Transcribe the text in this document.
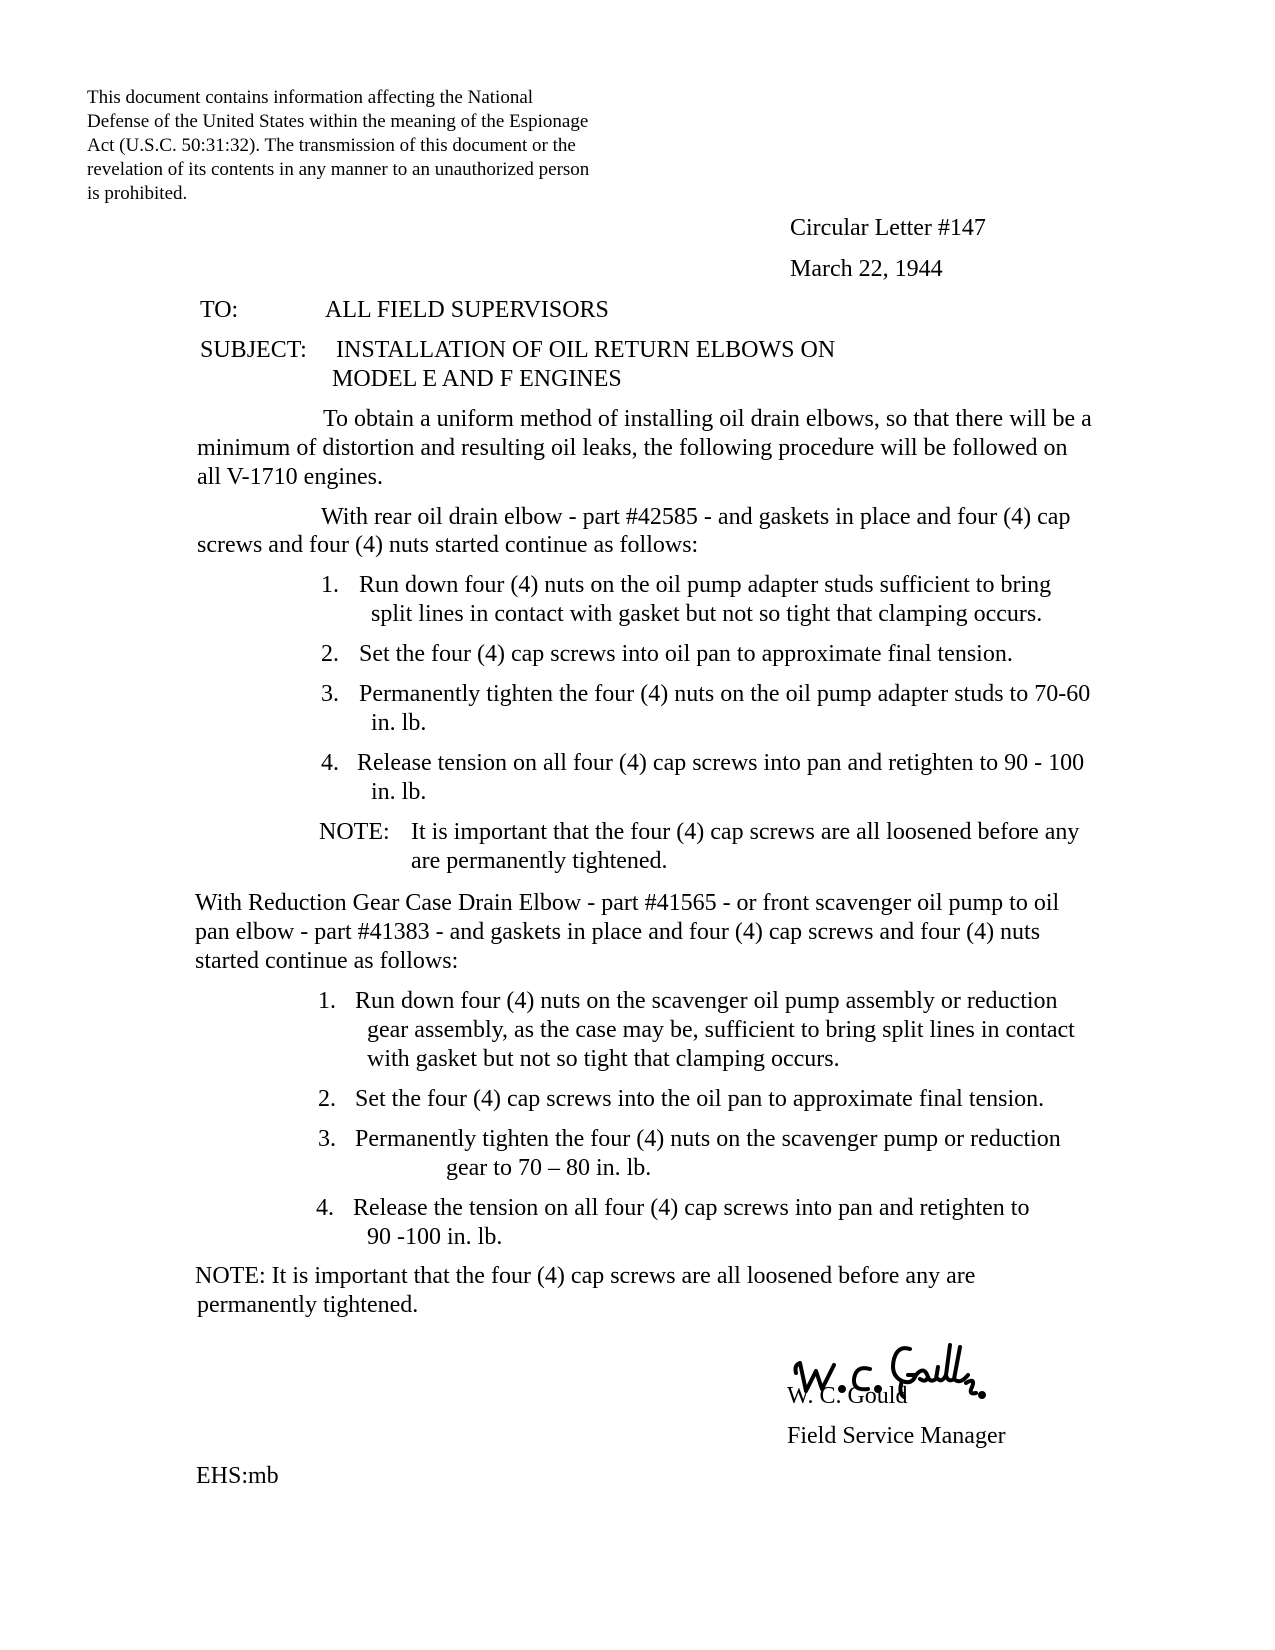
This document contains information affecting the National
Defense of the United States within the meaning of the Espionage
Act (U.S.C. 50:31:32). The transmission of this document or the
revelation of its contents in any manner to an unauthorized person
is prohibited.
Circular Letter #147
March 22, 1944
TO:	ALL FIELD SUPERVISORS
SUBJECT: INSTALLATION OF OIL RETURN ELBOWS ON
MODEL E AND F ENGINES
To obtain a uniform method of installing oil drain elbows, so that there will be a
minimum of distortion and resulting oil leaks, the following procedure will be followed on
all V-1710 engines.
With rear oil drain elbow - part #42585 - and gaskets in place and four (4) cap
screws and four (4) nuts started continue as follows:
1. Run down four (4) nuts on the oil pump adapter studs sufficient to bring
split lines in contact with gasket but not so tight that clamping occurs.
2. Set the four (4) cap screws into oil pan to approximate final tension.
3. Permanently tighten the four (4) nuts on the oil pump adapter studs to 70-60
in. lb.
4. Release tension on all four (4) cap screws into pan and retighten to 90 - 100
in. lb.
NOTE: It is important that the four (4) cap screws are all loosened before any
are permanently tightened.
With Reduction Gear Case Drain Elbow - part #41565 - or front scavenger oil pump to oil
pan elbow - part #41383 - and gaskets in place and four (4) cap screws and four (4) nuts
started continue as follows:
1. Run down four (4) nuts on the scavenger oil pump assembly or reduction
gear assembly, as the case may be, sufficient to bring split lines in contact
with gasket but not so tight that clamping occurs.
2. Set the four (4) cap screws into the oil pan to approximate final tension.
3. Permanently tighten the four (4) nuts on the scavenger pump or reduction
gear to 70 – 80 in. lb.
4. Release the tension on all four (4) cap screws into pan and retighten to
90 -100 in. lb.
NOTE: It is important that the four (4) cap screws are all loosened before any are
permanently tightened.
W. C. Gould
Field Service Manager
EHS:mb
